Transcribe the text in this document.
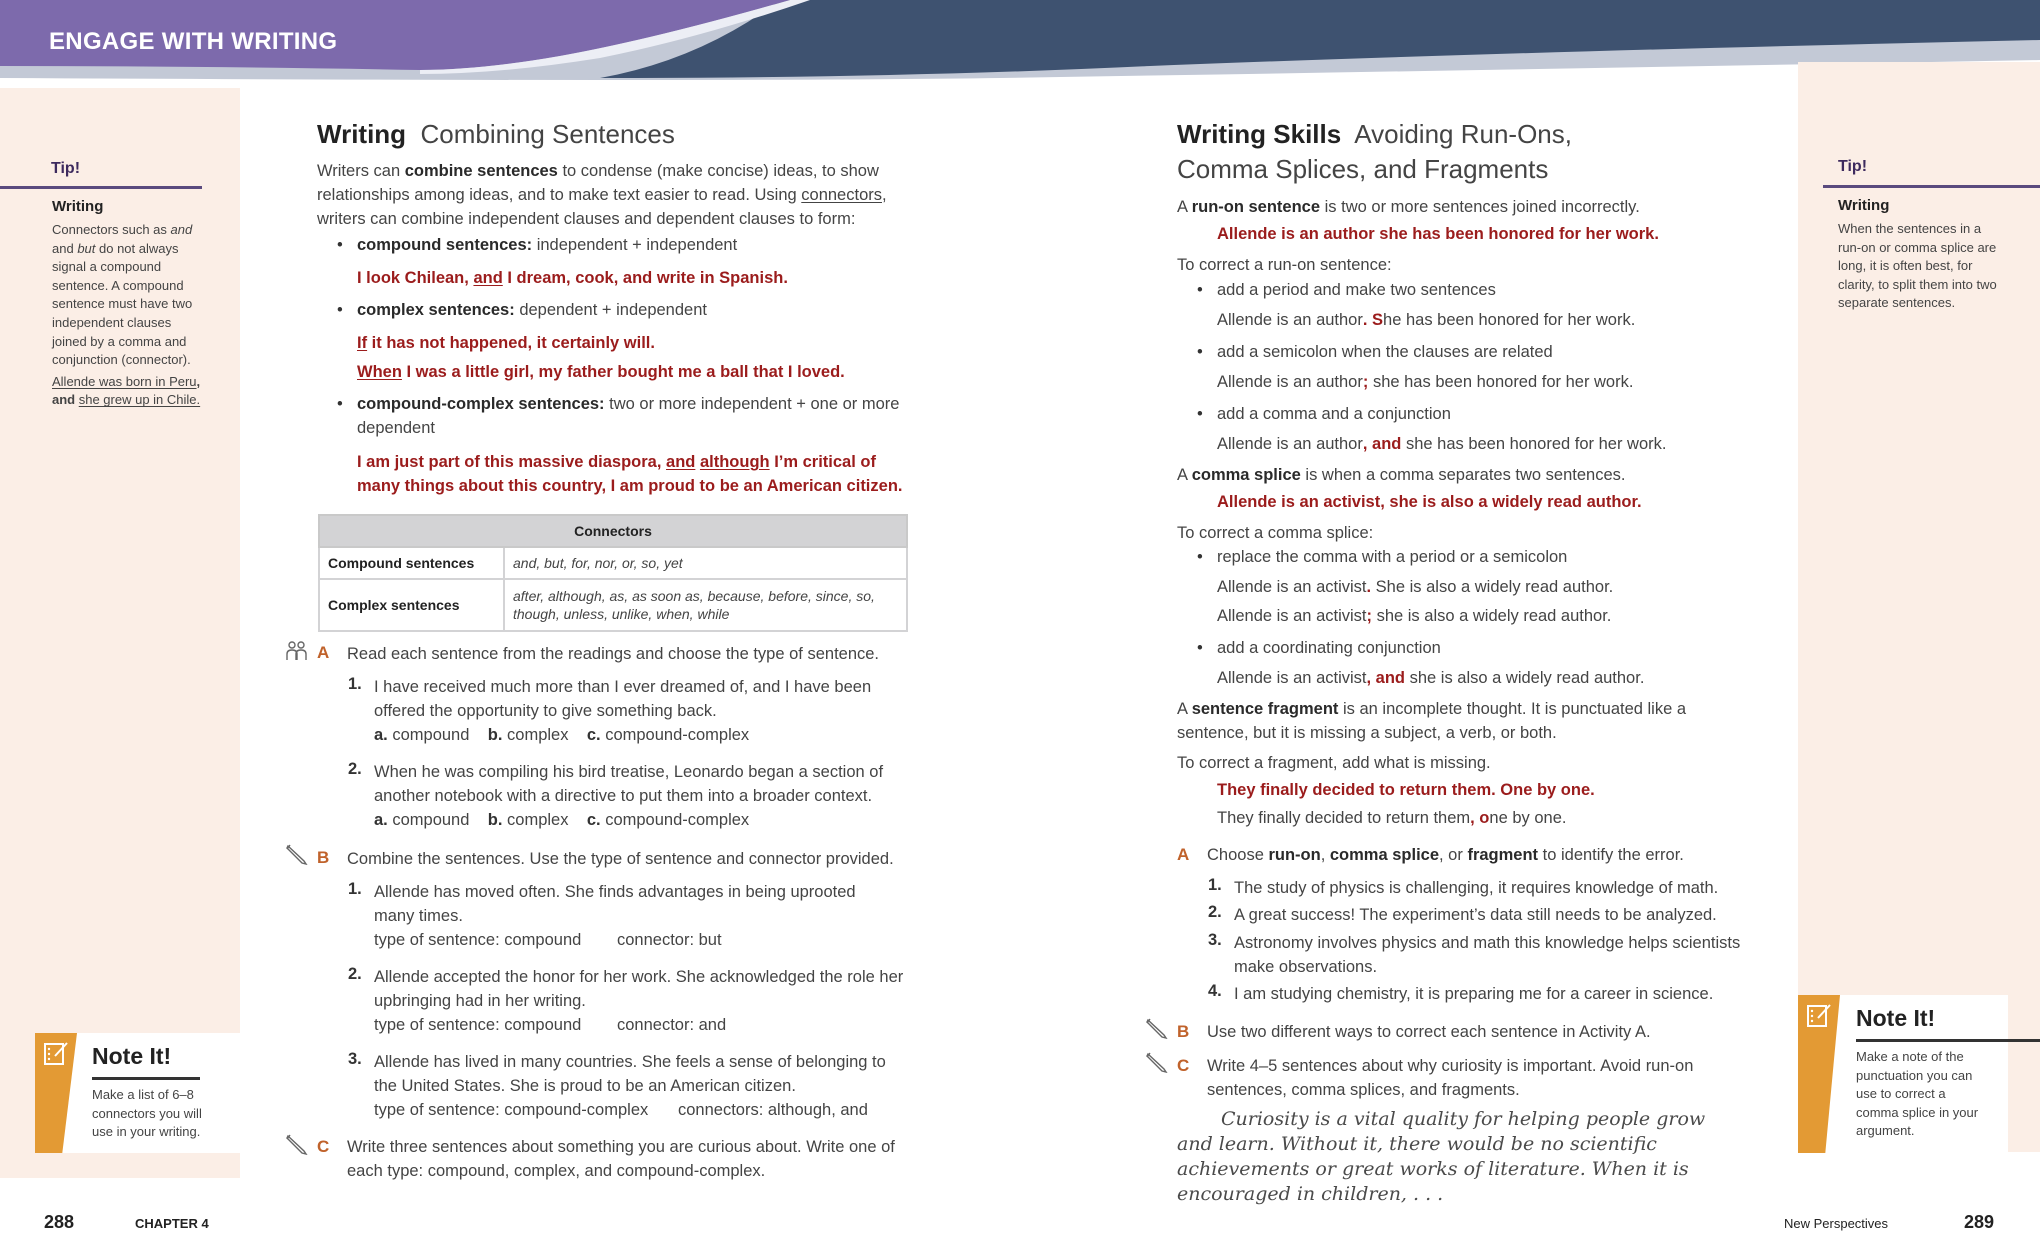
ENGAGE WITH WRITING
Tip!
Writing
Connectors such as and and but do not always signal a compound sentence. A compound sentence must have two independent clauses joined by a comma and conjunction (connector).
Allende was born in Peru, and she grew up in Chile.
Note It!
Make a list of 6–8 connectors you will use in your writing.
Writing Combining Sentences
Writers can combine sentences to condense (make concise) ideas, to show relationships among ideas, and to make text easier to read. Using connectors, writers can combine independent clauses and dependent clauses to form:
• compound sentences: independent + independent
I look Chilean, and I dream, cook, and write in Spanish.
• complex sentences: dependent + independent
If it has not happened, it certainly will.
When I was a little girl, my father bought me a ball that I loved.
• compound-complex sentences: two or more independent + one or more dependent
I am just part of this massive diaspora, and although I’m critical of many things about this country, I am proud to be an American citizen.
Connectors	
Compound sentences	and, but, for, nor, or, so, yet
Complex sentences	after, although, as, as soon as, because, before, since, so, though, unless, unlike, when, while
A Read each sentence from the readings and choose the type of sentence.
1. I have received much more than I ever dreamed of, and I have been offered the opportunity to give something back.
a. compound b. complex c. compound-complex
2. When he was compiling his bird treatise, Leonardo began a section of another notebook with a directive to put them into a broader context.
a. compound b. complex c. compound-complex
B Combine the sentences. Use the type of sentence and connector provided.
1. Allende has moved often. She finds advantages in being uprooted many times.
type of sentence: compound connector: but
2. Allende accepted the honor for her work. She acknowledged the role her upbringing had in her writing.
type of sentence: compound connector: and
3. Allende has lived in many countries. She feels a sense of belonging to the United States. She is proud to be an American citizen.
type of sentence: compound-complex connectors: although, and
C Write three sentences about something you are curious about. Write one of each type: compound, complex, and compound-complex.
288	CHAPTER 4
Writing Skills Avoiding Run-Ons,
Comma Splices, and Fragments
A run-on sentence is two or more sentences joined incorrectly.
Allende is an author she has been honored for her work.
To correct a run-on sentence:
• add a period and make two sentences
Allende is an author. She has been honored for her work.
• add a semicolon when the clauses are related
Allende is an author; she has been honored for her work.
• add a comma and a conjunction
Allende is an author, and she has been honored for her work.
A comma splice is when a comma separates two sentences.
Allende is an activist, she is also a widely read author.
To correct a comma splice:
• replace the comma with a period or a semicolon
Allende is an activist. She is also a widely read author.
Allende is an activist; she is also a widely read author.
• add a coordinating conjunction
Allende is an activist, and she is also a widely read author.
A sentence fragment is an incomplete thought. It is punctuated like a sentence, but it is missing a subject, a verb, or both.
To correct a fragment, add what is missing.
They finally decided to return them. One by one.
They finally decided to return them, one by one.
A Choose run-on, comma splice, or fragment to identify the error.
1. The study of physics is challenging, it requires knowledge of math.
2. A great success! The experiment’s data still needs to be analyzed.
3. Astronomy involves physics and math this knowledge helps scientists make observations.
4. I am studying chemistry, it is preparing me for a career in science.
B Use two different ways to correct each sentence in Activity A.
C Write 4–5 sentences about why curiosity is important. Avoid run-on sentences, comma splices, and fragments.
Curiosity is a vital quality for helping people grow and learn. Without it, there would be no scientific achievements or great works of literature. When it is encouraged in children, . . .
Tip!
Writing
When the sentences in a run-on or comma splice are long, it is often best, for clarity, to split them into two separate sentences.
Note It!
Make a note of the punctuation you can use to correct a comma splice in your argument.
New Perspectives	289
